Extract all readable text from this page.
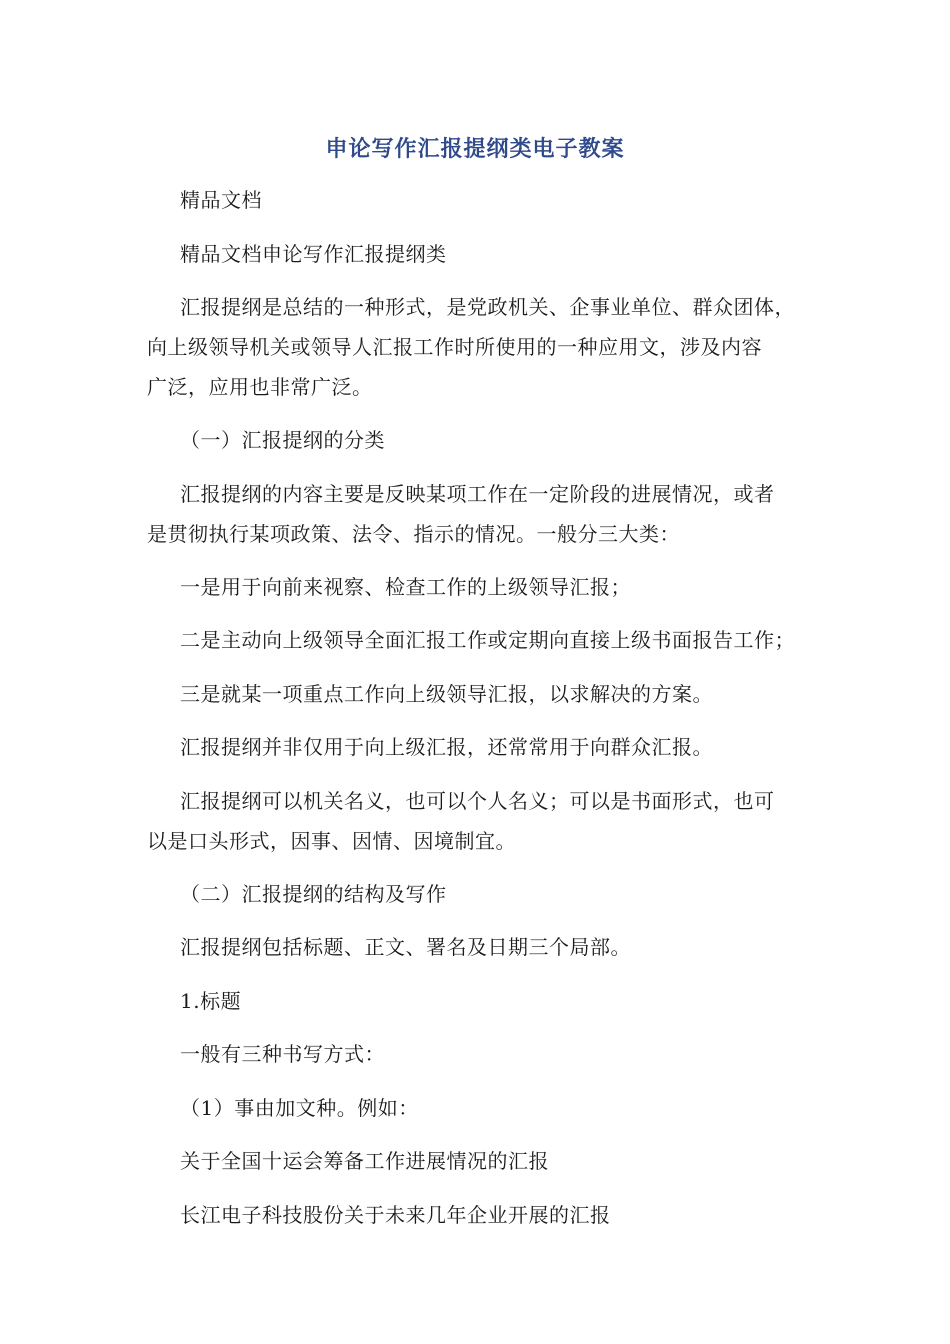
申论写作汇报提纲类电子教案
精品文档
精品文档申论写作汇报提纲类
汇报提纲是总结的一种形式，是党政机关、企事业单位、群众团体，
向上级领导机关或领导人汇报工作时所使用的一种应用文，涉及内容
广泛，应用也非常广泛。
（一）汇报提纲的分类
汇报提纲的内容主要是反映某项工作在一定阶段的进展情况，或者
是贯彻执行某项政策、法令、指示的情况。一般分三大类：
一是用于向前来视察、检查工作的上级领导汇报；
二是主动向上级领导全面汇报工作或定期向直接上级书面报告工作；
三是就某一项重点工作向上级领导汇报，以求解决的方案。
汇报提纲并非仅用于向上级汇报，还常常用于向群众汇报。
汇报提纲可以机关名义，也可以个人名义；可以是书面形式，也可
以是口头形式，因事、因情、因境制宜。
（二）汇报提纲的结构及写作
汇报提纲包括标题、正文、署名及日期三个局部。
1.标题
一般有三种书写方式：
（1）事由加文种。例如：
关于全国十运会筹备工作进展情况的汇报
长江电子科技股份关于未来几年企业开展的汇报
